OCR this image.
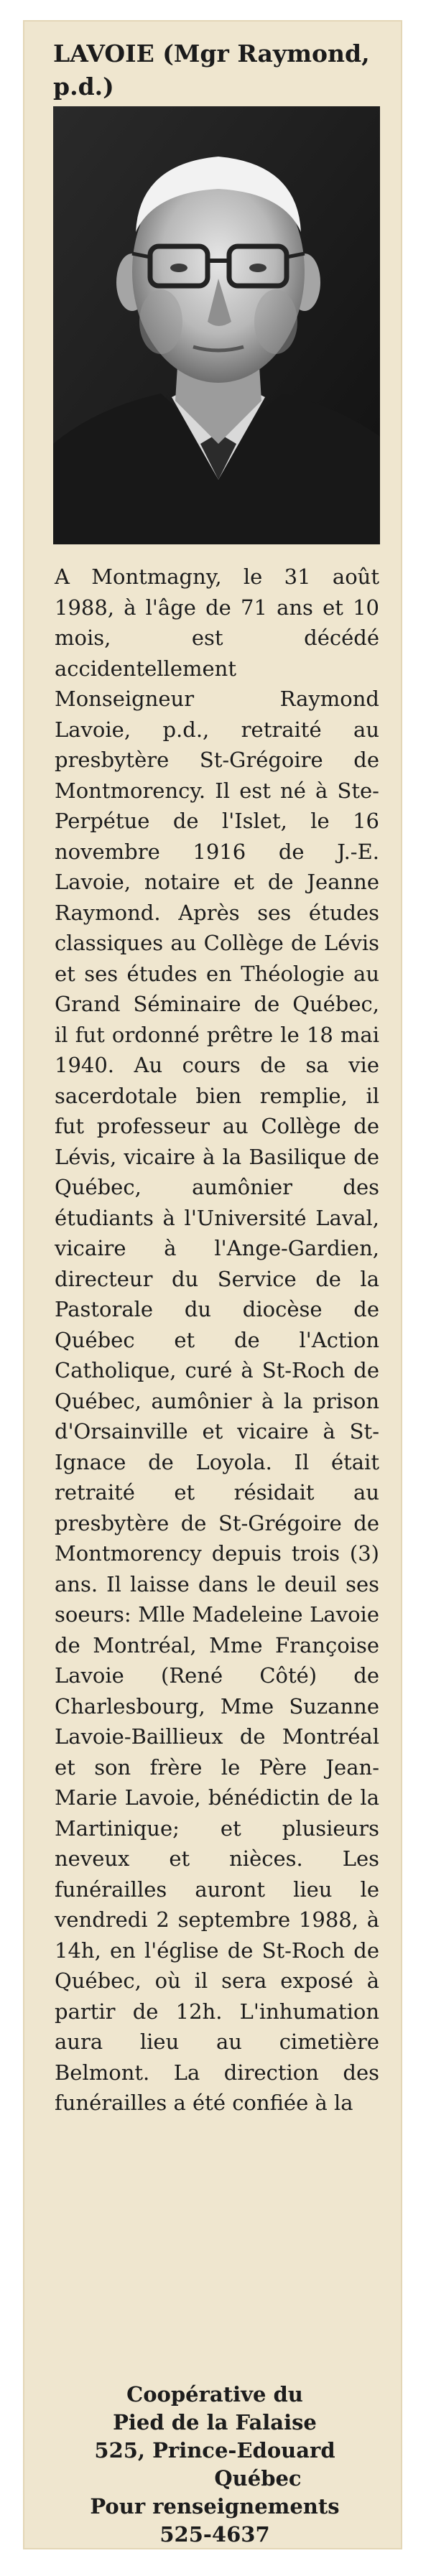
LAVOIE (Mgr Raymond, p.d.)

A Montmagny, le 31 août 1988, à l'âge de 71 ans et 10 mois, est décédé accidentellement Monseigneur Raymond Lavoie, p.d., retraité au presbytère St-Grégoire de Montmorency. Il est né à Ste-Perpétue de l'Islet, le 16 novembre 1916 de J.-E. Lavoie, notaire et de Jeanne Raymond. Après ses études classiques au Collège de Lévis et ses études en Théologie au Grand Séminaire de Québec, il fut ordonné prêtre le 18 mai 1940. Au cours de sa vie sacerdotale bien remplie, il fut professeur au Collège de Lévis, vicaire à la Basilique de Québec, aumônier des étudiants à l'Université Laval, vicaire à l'Ange-Gardien, directeur du Service de la Pastorale du diocèse de Québec et de l'Action Catholique, curé à St-Roch de Québec, aumônier à la prison d'Orsainville et vicaire à St-Ignace de Loyola. Il était retraité et résidait au presbytère de St-Grégoire de Montmorency depuis trois (3) ans. Il laisse dans le deuil ses soeurs: Mlle Madeleine Lavoie de Montréal, Mme Françoise Lavoie (René Côté) de Charlesbourg, Mme Suzanne Lavoie-Baillieux de Montréal et son frère le Père Jean-Marie Lavoie, bénédictin de la Martinique; et plusieurs neveux et nièces. Les funérailles auront lieu le vendredi 2 septembre 1988, à 14h, en l'église de St-Roch de Québec, où il sera exposé à partir de 12h. L'inhumation aura lieu au cimetière Belmont. La direction des funérailles a été confiée à la

Coopérative du
Pied de la Falaise
525, Prince-Edouard
Québec
Pour renseignements
525-4637
